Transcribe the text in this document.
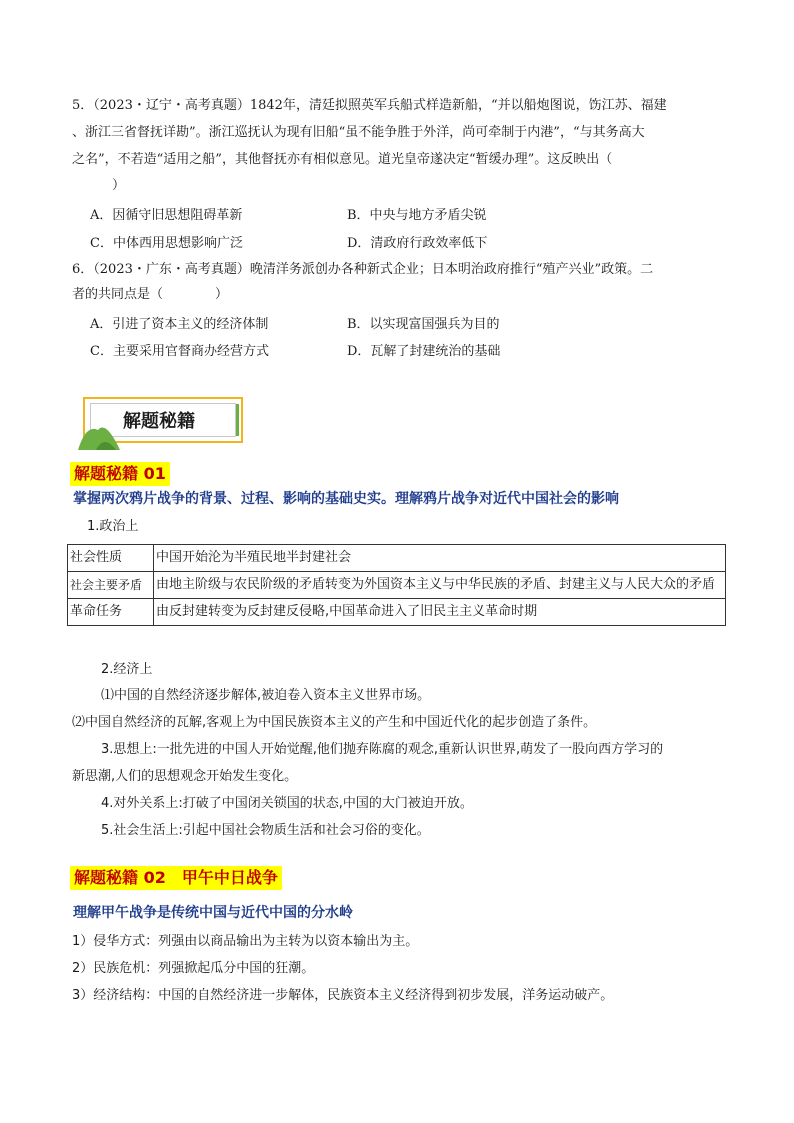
5．（2023・辽宁・高考真题）1842年，清廷拟照英军兵船式样造新船，“并以船炮图说，饬江苏、福建
、浙江三省督抚详勘”。浙江巡抚认为现有旧船“虽不能争胜于外洋，尚可牵制于内港”，“与其务高大
之名”，不若造“适用之船”，其他督抚亦有相似意见。道光皇帝遂决定“暂缓办理”。这反映出（
）
A．因循守旧思想阻碍革新	B．中央与地方矛盾尖锐
C．中体西用思想影响广泛	D．清政府行政效率低下
6．（2023・广东・高考真题）晚清洋务派创办各种新式企业；日本明治政府推行“殖产兴业”政策。二
者的共同点是（　　　　）
A．引进了资本主义的经济体制	B．以实现富国强兵为目的
C．主要采用官督商办经营方式	D．瓦解了封建统治的基础
解题秘籍
解题秘籍 01
掌握两次鸦片战争的背景、过程、影响的基础史实。理解鸦片战争对近代中国社会的影响
1.政治上
社会性质	中国开始沦为半殖民地半封建社会
社会主要矛盾	由地主阶级与农民阶级的矛盾转变为外国资本主义与中华民族的矛盾、封建主义与人民大众的矛盾
革命任务	由反封建转变为反封建反侵略,中国革命进入了旧民主主义革命时期
2.经济上
⑴中国的自然经济逐步解体,被迫卷入资本主义世界市场。
⑵中国自然经济的瓦解,客观上为中国民族资本主义的产生和中国近代化的起步创造了条件。
3.思想上:一批先进的中国人开始觉醒,他们抛弃陈腐的观念,重新认识世界,萌发了一股向西方学习的
新思潮,人们的思想观念开始发生变化。
4.对外关系上:打破了中国闭关锁国的状态,中国的大门被迫开放。
5.社会生活上:引起中国社会物质生活和社会习俗的变化。
解题秘籍 02　甲午中日战争
理解甲午战争是传统中国与近代中国的分水岭
1）侵华方式：列强由以商品输出为主转为以资本输出为主。
2）民族危机：列强掀起瓜分中国的狂潮。
3）经济结构：中国的自然经济进一步解体，民族资本主义经济得到初步发展，洋务运动破产。
